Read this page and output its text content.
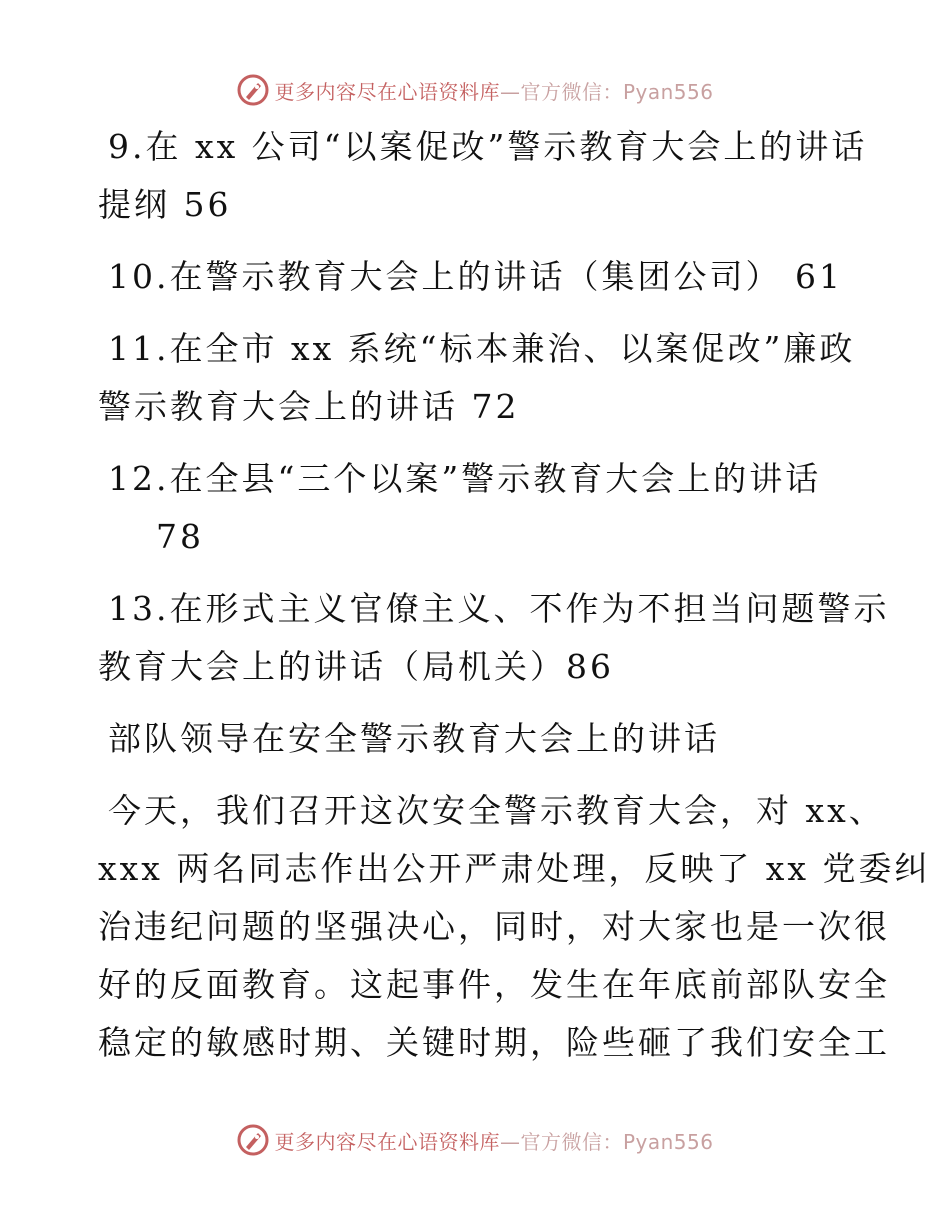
更多内容尽在心语资料库—官方微信：Pyan556
9.在 xx 公司“以案促改”警示教育大会上的讲话
提纲 56
10.在警示教育大会上的讲话（集团公司） 61
11.在全市 xx 系统“标本兼治、以案促改”廉政
警示教育大会上的讲话 72
12.在全县“三个以案”警示教育大会上的讲话
78
13.在形式主义官僚主义、不作为不担当问题警示
教育大会上的讲话（局机关）86
部队领导在安全警示教育大会上的讲话
今天，我们召开这次安全警示教育大会，对 xx、
xxx 两名同志作出公开严肃处理，反映了 xx 党委纠
治违纪问题的坚强决心，同时，对大家也是一次很
好的反面教育。这起事件，发生在年底前部队安全
稳定的敏感时期、关键时期，险些砸了我们安全工
更多内容尽在心语资料库—官方微信：Pyan556
